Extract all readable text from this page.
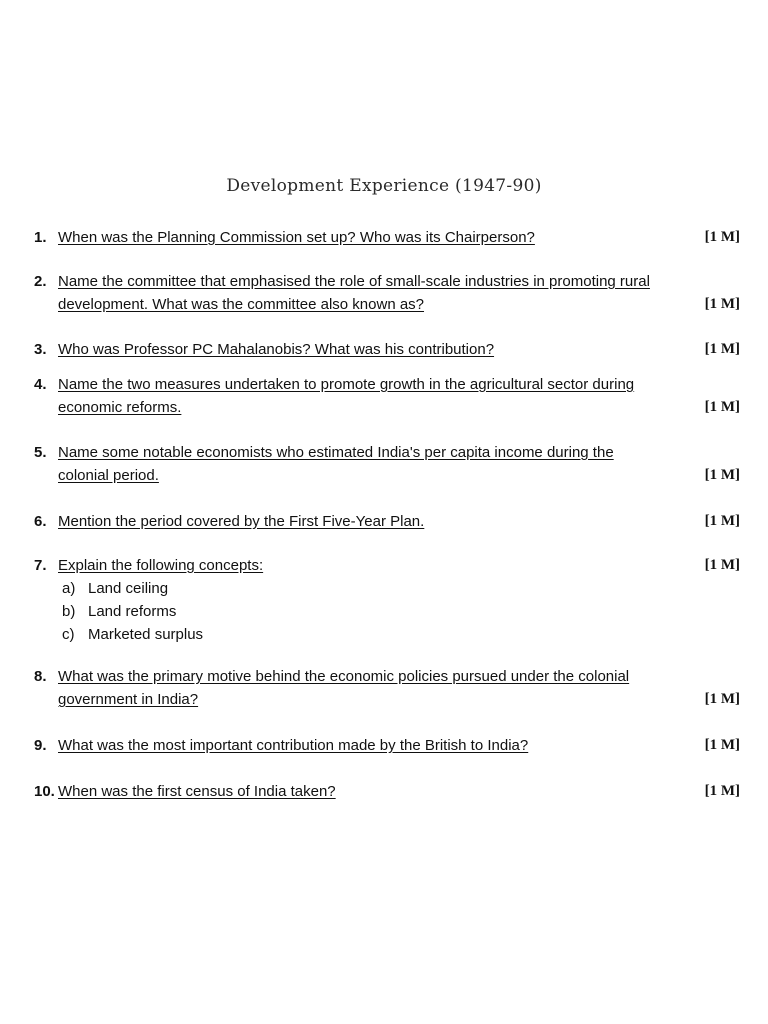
Development Experience (1947-90)
1. When was the Planning Commission set up? Who was its Chairperson?	[1 M]
2. Name the committee that emphasised the role of small-scale industries in promoting rural development. What was the committee also known as?	[1 M]
3. Who was Professor PC Mahalanobis? What was his contribution?	[1 M]
4. Name the two measures undertaken to promote growth in the agricultural sector during economic reforms.	[1 M]
5. Name some notable economists who estimated India's per capita income during the colonial period.	[1 M]
6. Mention the period covered by the First Five-Year Plan.	[1 M]
7. Explain the following concepts:	[1 M]
a) Land ceiling
b) Land reforms
c) Marketed surplus
8. What was the primary motive behind the economic policies pursued under the colonial government in India?	[1 M]
9. What was the most important contribution made by the British to India?	[1 M]
10. When was the first census of India taken?	[1 M]
